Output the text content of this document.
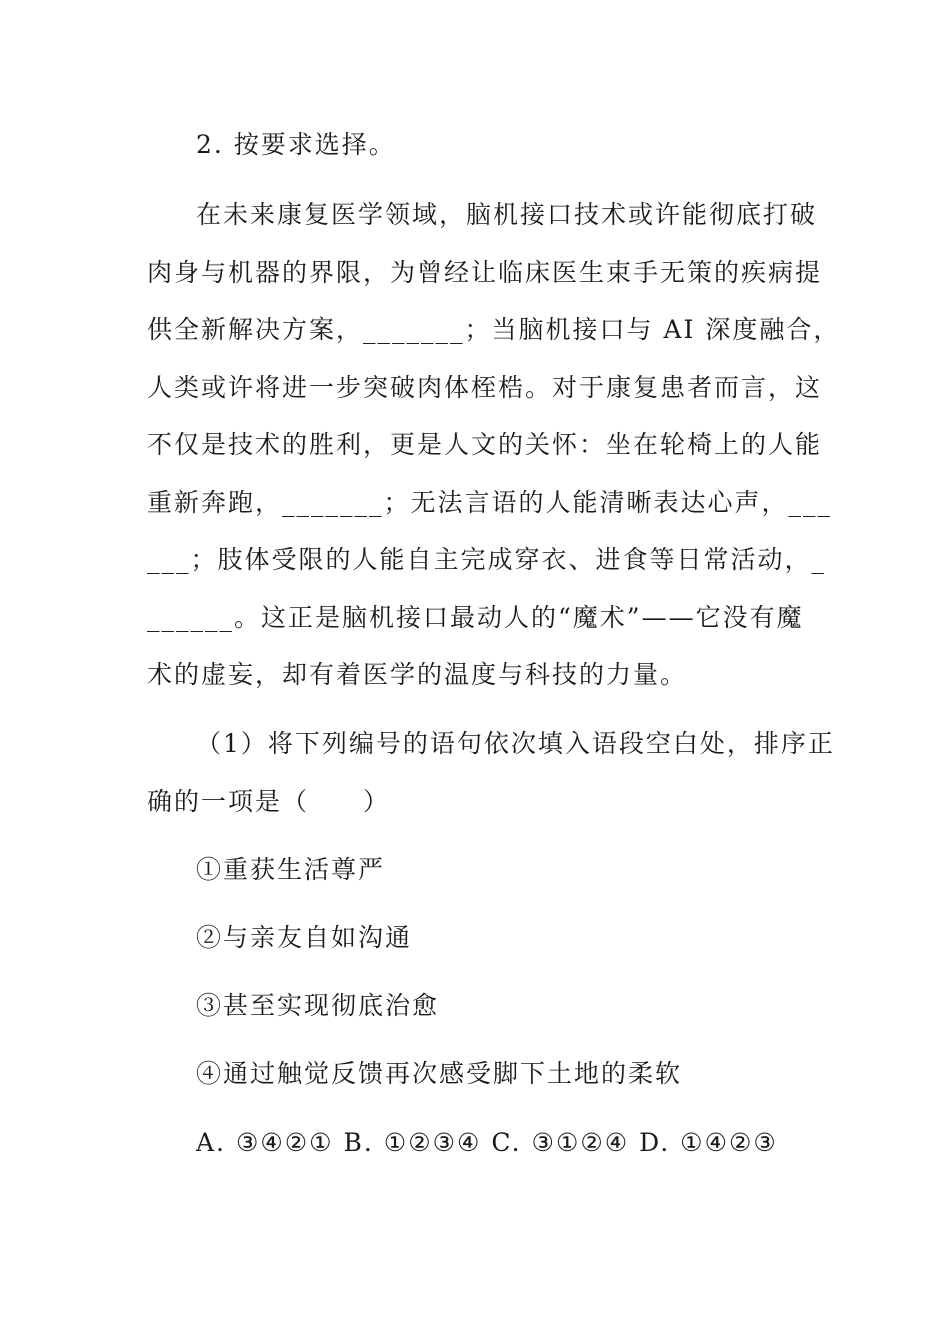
2. 按要求选择。
在未来康复医学领域，脑机接口技术或许能彻底打破
肉身与机器的界限，为曾经让临床医生束手无策的疾病提
供全新解决方案，_______；当脑机接口与 AI 深度融合，
人类或许将进一步突破肉体桎梏。对于康复患者而言，这
不仅是技术的胜利，更是人文的关怀：坐在轮椅上的人能
重新奔跑，_______；无法言语的人能清晰表达心声，___
___；肢体受限的人能自主完成穿衣、进食等日常活动，_
______。这正是脑机接口最动人的“魔术”——它没有魔
术的虚妄，却有着医学的温度与科技的力量。
（1）将下列编号的语句依次填入语段空白处，排序正
确的一项是（　　）
①重获生活尊严
②与亲友自如沟通
③甚至实现彻底治愈
④通过触觉反馈再次感受脚下土地的柔软
A. ③④②① B. ①②③④ C. ③①②④ D. ①④②③
